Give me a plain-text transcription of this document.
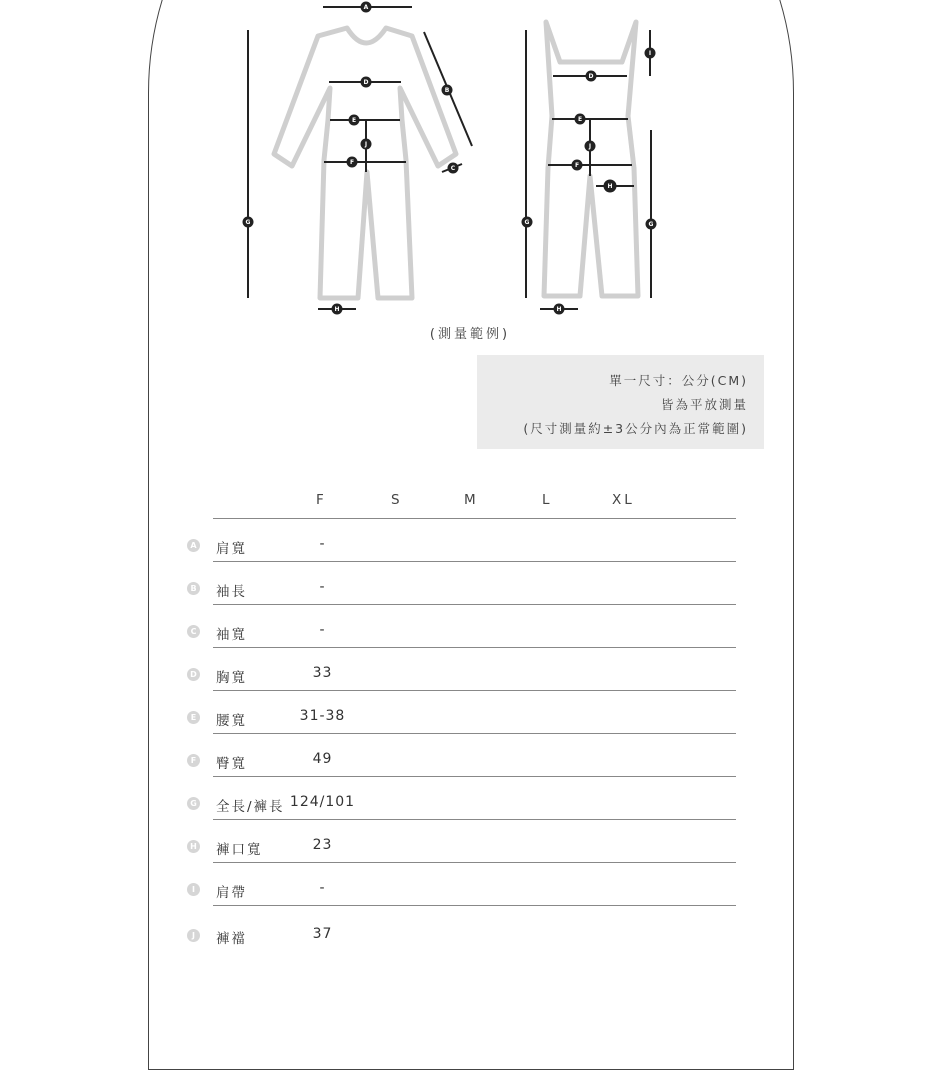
A
B
C
D
E
F
J
G
H
D
E
F
J
H
G
I
G
H
(測量範例)
單一尺寸：公分(CM)
皆為平放測量
(尺寸測量約±3公分內為正常範圍)
F	S	M	L	XL
A 肩寬	-
B 袖長	-
C 袖寬	-
D 胸寬	33
E 腰寬	31-38
F 臀寬	49
G 全長/褲長 124/101
H 褲口寬	23
I	肩帶	-
J	褲襠	37
